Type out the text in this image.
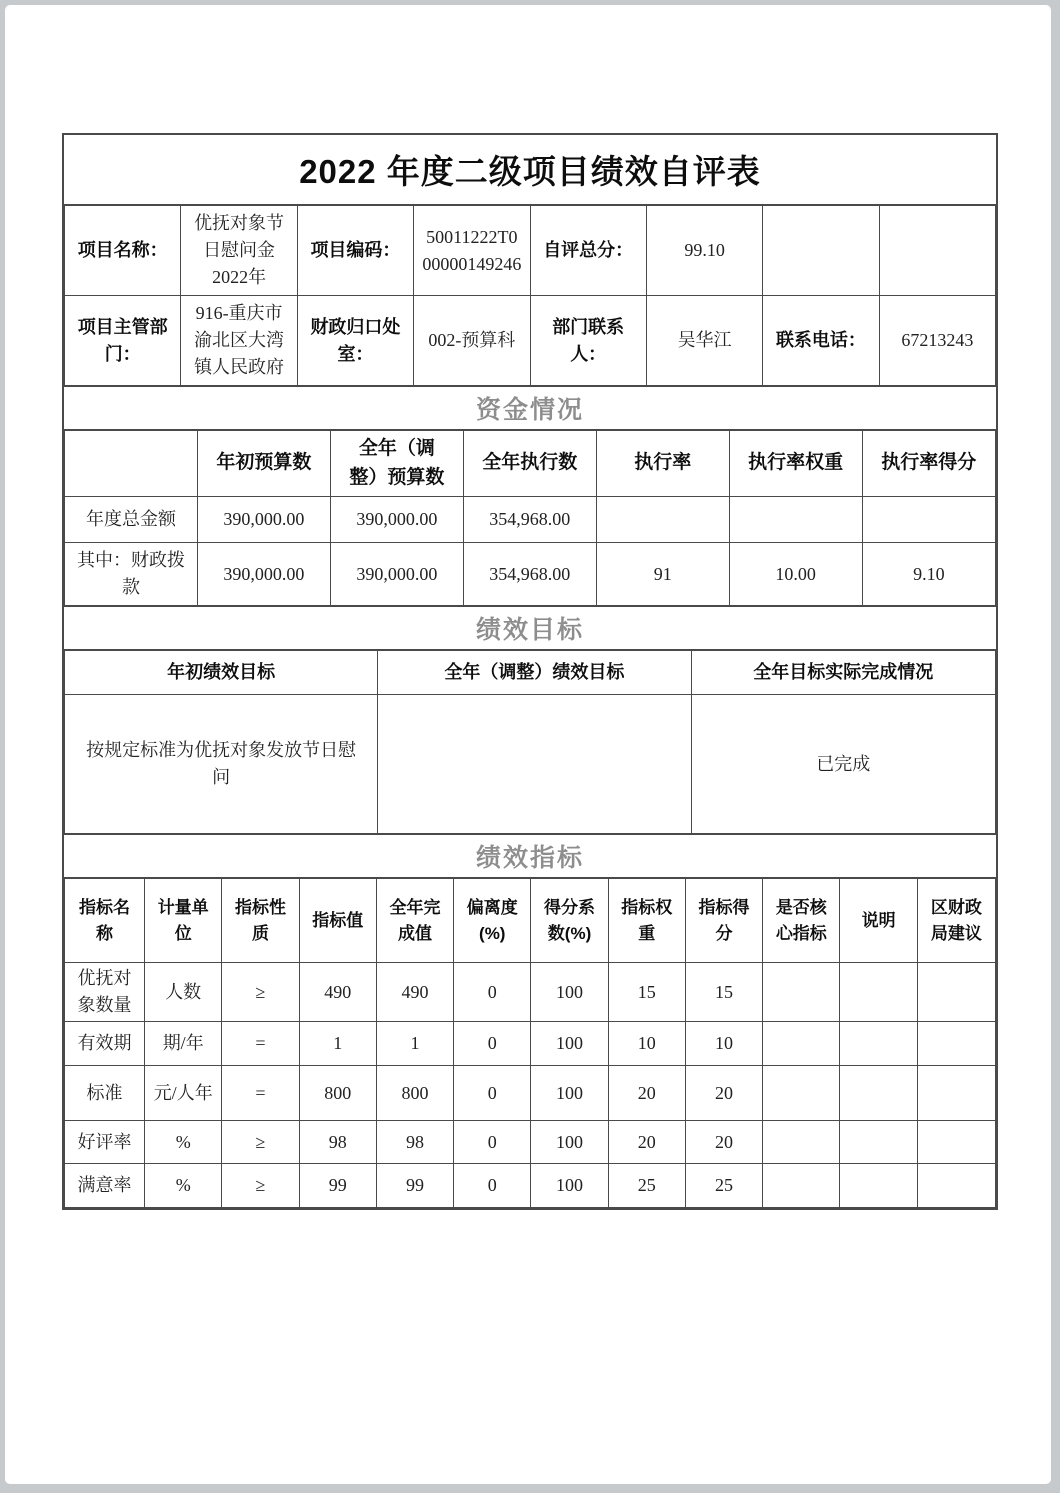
2022 年度二级项目绩效自评表
项目名称：	优抚对象节日慰问金2022年	项目编码：	50011222T000000149246	自评总分：	99.10		
项目主管部门：	916-重庆市渝北区大湾镇人民政府	财政归口处室：	002-预算科	部门联系人：	吴华江	联系电话：	67213243
资金情况
	年初预算数	全年（调整）预算数	全年执行数	执行率	执行率权重	执行率得分
年度总金额	390,000.00	390,000.00	354,968.00			
其中：财政拨款	390,000.00	390,000.00	354,968.00	91	10.00	9.10
绩效目标
年初绩效目标	全年（调整）绩效目标	全年目标实际完成情况
按规定标准为优抚对象发放节日慰问		已完成
绩效指标
指标名称	计量单位	指标性质	指标值	全年完成值	偏离度(%)	得分系数(%)	指标权重	指标得分	是否核心指标	说明	区财政局建议
优抚对象数量	人数	≥	490	490	0	100	15	15			
有效期	期/年	=	1	1	0	100	10	10			
标准	元/人年	=	800	800	0	100	20	20			
好评率	%	≥	98	98	0	100	20	20			
满意率	%	≥	99	99	0	100	25	25			
